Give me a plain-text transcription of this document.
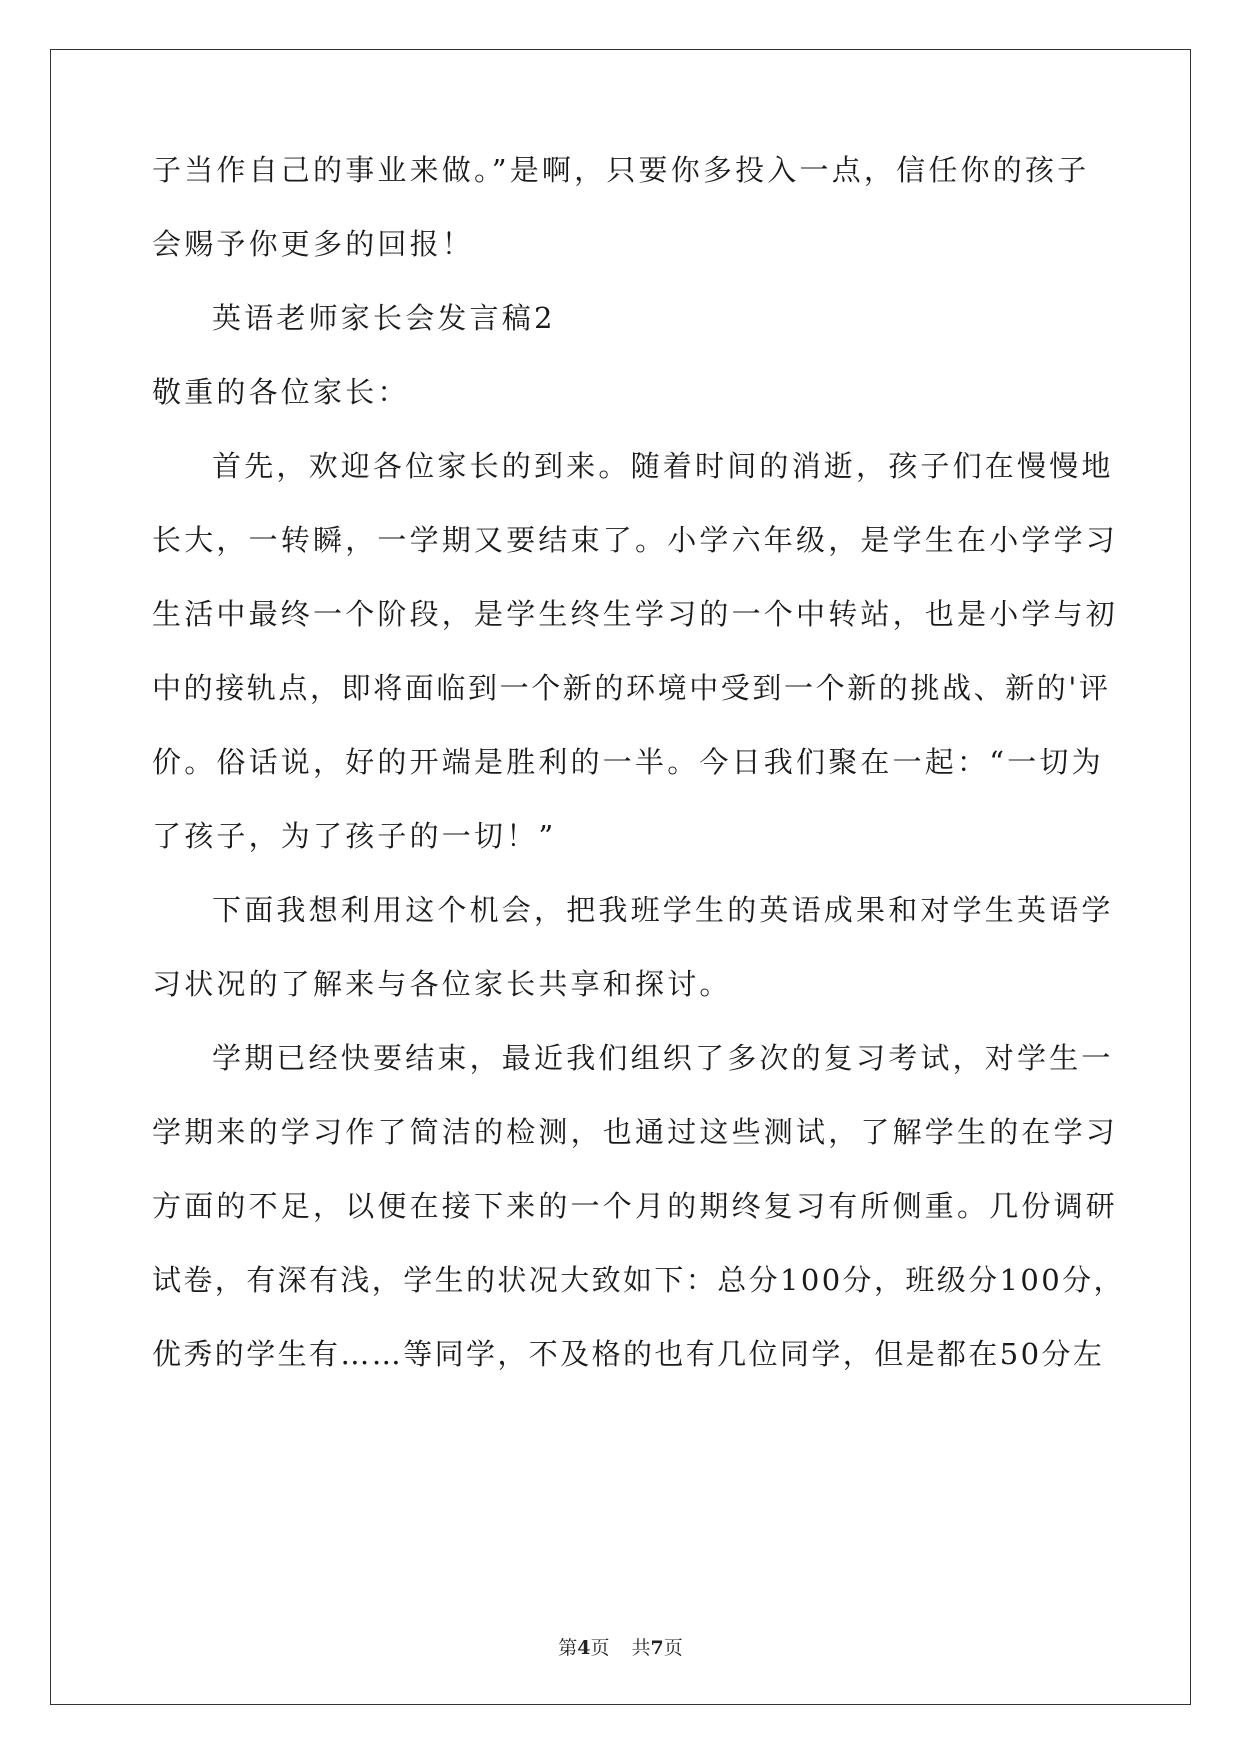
子当作自己的事业来做。”是啊，只要你多投入一点，信任你的孩子
会赐予你更多的回报！
英语老师家长会发言稿2
敬重的各位家长：
首先，欢迎各位家长的到来。随着时间的消逝，孩子们在慢慢地
长大，一转瞬，一学期又要结束了。小学六年级，是学生在小学学习
生活中最终一个阶段，是学生终生学习的一个中转站，也是小学与初
中的接轨点，即将面临到一个新的环境中受到一个新的挑战、新的'评
价。俗话说，好的开端是胜利的一半。今日我们聚在一起：“一切为
了孩子，为了孩子的一切！”
下面我想利用这个机会，把我班学生的英语成果和对学生英语学
习状况的了解来与各位家长共享和探讨。
学期已经快要结束，最近我们组织了多次的复习考试，对学生一
学期来的学习作了简洁的检测，也通过这些测试，了解学生的在学习
方面的不足，以便在接下来的一个月的期终复习有所侧重。几份调研
试卷，有深有浅，学生的状况大致如下：总分100分，班级分100分，
优秀的学生有……等同学，不及格的也有几位同学，但是都在50分左
第4页 共7页
